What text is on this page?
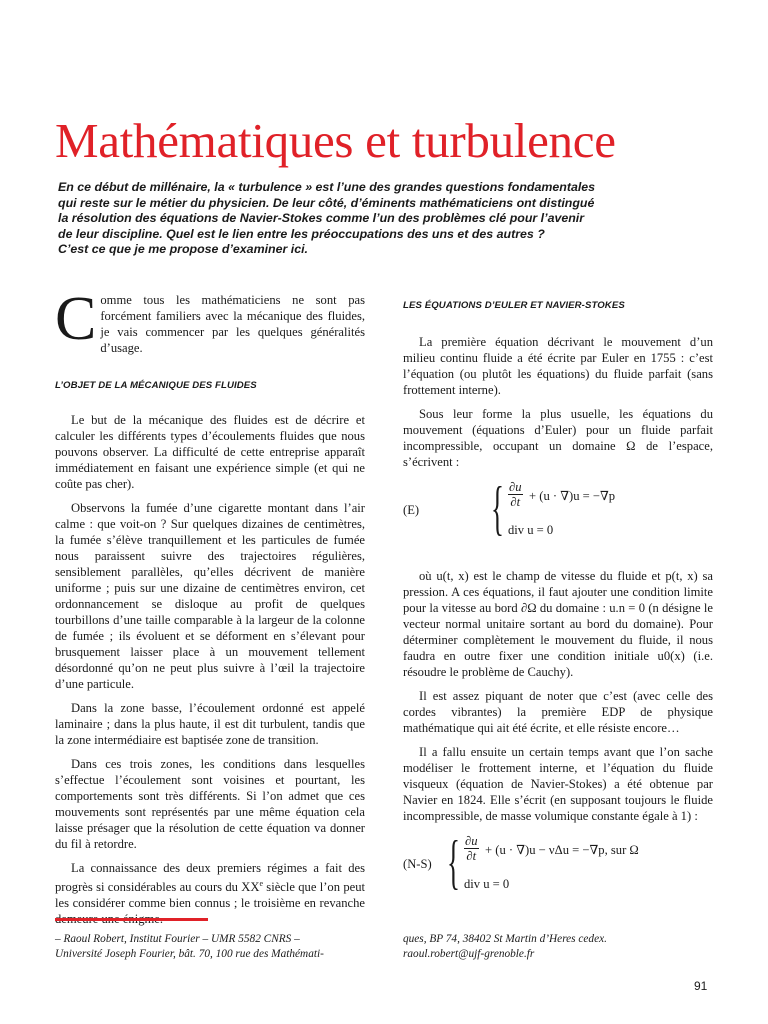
Mathématiques et turbulence
En ce début de millénaire, la « turbulence » est l’une des grandes questions fondamentales
qui reste sur le métier du physicien. De leur côté, d’éminents mathématiciens ont distingué
la résolution des équations de Navier-Stokes comme l’un des problèmes clé pour l’avenir
de leur discipline. Quel est le lien entre les préoccupations des uns et des autres ?
C’est ce que je me propose d’examiner ici.

Comme tous les mathématiciens ne sont pas forcément familiers avec la mécanique des fluides, je vais commencer par les quelques généralités d’usage.

L’OBJET DE LA MÉCANIQUE DES FLUIDES

Le but de la mécanique des fluides est de décrire et calculer les différents types d’écoulements fluides que nous pouvons observer. La difficulté de cette entreprise apparaît immédiatement en faisant une expérience simple (et qui ne coûte pas cher).

Observons la fumée d’une cigarette montant dans l’air calme : que voit-on ? Sur quelques dizaines de centimètres, la fumée s’élève tranquillement et les particules de fumée nous paraissent suivre des trajectoires régulières, sensiblement parallèles, qu’elles décrivent de manière uniforme ; puis sur une dizaine de centimètres environ, cet ordonnancement se disloque au profit de quelques tourbillons d’une taille comparable à la largeur de la colonne de fumée ; ils évoluent et se déforment en s’élevant pour brusquement laisser place à un mouvement tellement désordonné qu’on ne peut plus suivre à l’œil la trajectoire d’une particule.

Dans la zone basse, l’écoulement ordonné est appelé laminaire ; dans la plus haute, il est dit turbulent, tandis que la zone intermédiaire est baptisée zone de transition.

Dans ces trois zones, les conditions dans lesquelles s’effectue l’écoulement sont voisines et pourtant, les comportements sont très différents. Si l’on admet que ces mouvements sont représentés par une même équation cela laisse présager que la résolution de cette équation va donner du fil à retordre.

La connaissance des deux premiers régimes a fait des progrès si considérables au cours du XXe siècle que l’on peut les considérer comme bien connus ; le troisième en revanche

LES ÉQUATIONS D’EULER ET NAVIER-STOKES

La première équation décrivant le mouvement d’un milieu continu fluide a été écrite par Euler en 1755 : c’est l’équation (ou plutôt les équations) du fluide parfait (sans frottement interne).

Sous leur forme la plus usuelle, les équations du mouvement (équations d’Euler) pour un fluide parfait incompressible, occupant un domaine Ω de l’espace, s’écrivent :

(E) { $\frac{\partial u}{\partial t} + (u \cdot \nabla)u = -\nabla p$
div u = 0

où u(t, x) est le champ de vitesse du fluide et p(t, x) sa pression. A ces équations, il faut ajouter une condition limite pour la vitesse au bord ∂Ω du domaine : u.n = 0 (n désigne le vecteur normal unitaire sortant au bord du domaine). Pour déterminer complètement le mouvement du fluide, il nous faudra en outre fixer une condition initiale u0(x) (i.e. résoudre le problème de Cauchy).

Il est assez piquant de noter que c’est (avec celle des cordes vibrantes) la première EDP de physique mathématique qui ait été écrite, et elle résiste encore…

Il a fallu ensuite un certain temps avant que l’on sache modéliser le frottement interne, et l’équation du fluide visqueux (équation de Navier-Stokes) a été obtenue par Navier en 1824. Elle s’écrit (en supposant toujours le fluide incompressible, de masse volumique constante égale à 1) :

(N-S) { $\frac{\partial u}{\partial t} + (u \cdot \nabla)u - \nu\Delta u = -\nabla p$, sur Ω
div u = 0
– Raoul Robert, Institut Fourier – UMR 5582 CNRS –
Université Joseph Fourier, bât. 70, 100 rue des Mathémati-
ques, BP 74, 38402 St Martin d’Heres cedex.
raoul.robert@ujf-grenoble.fr
91
